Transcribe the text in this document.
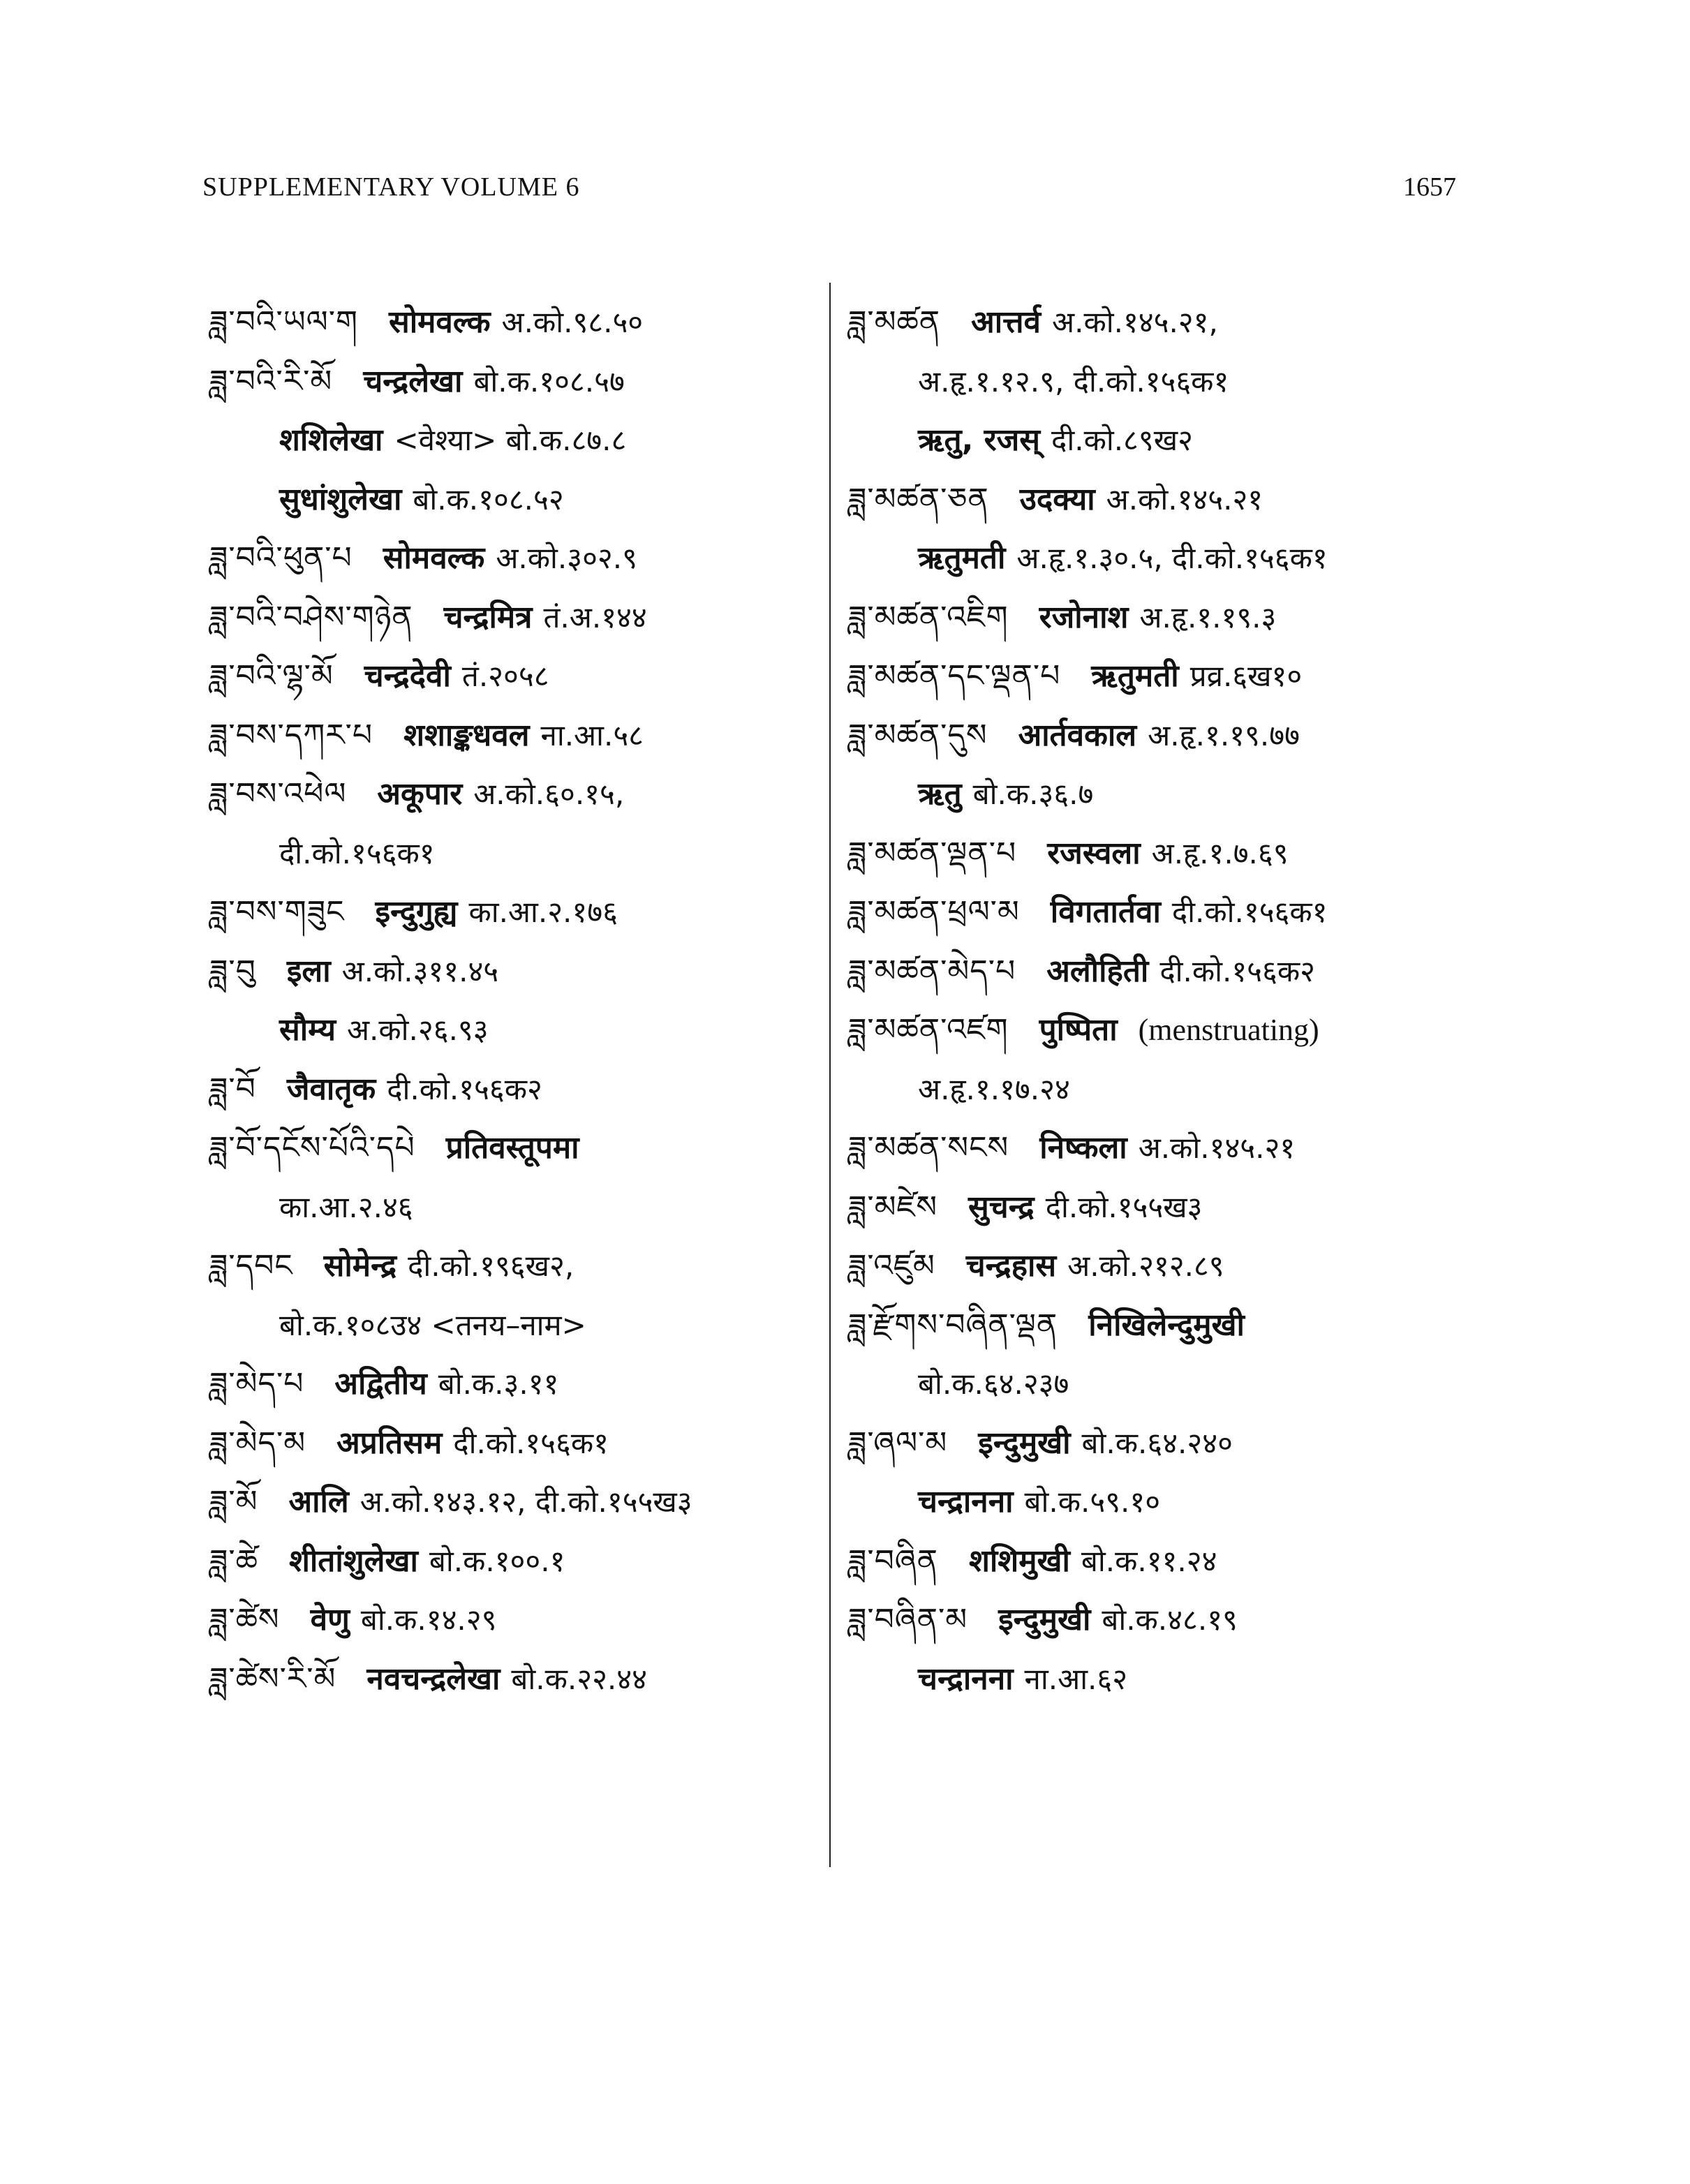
SUPPLEMENTARY VOLUME 6	1657
ཟླ་བའི་ཡལ་ག सोमवल्क अ.को.९८.५०
ཟླ་བའི་རི་མོ चन्द्रलेखा बो.क.१०८.५७
शशिलेखा <वेश्या> बो.क.८७.८
सुधांशुलेखा बो.क.१०८.५२
ཟླ་བའི་ཕུན་པ सोमवल्क अ.को.३०२.९
ཟླ་བའི་བཤེས་གཉེན चन्द्रमित्र तं.अ.१४४
ཟླ་བའི་ལྷ་མོ चन्द्रदेवी तं.२०५८
ཟླ་བས་དཀར་པ शशाङ्कधवल ना.आ.५८
ཟླ་བས་འཕེལ अकूपार अ.को.६०.१५,
दी.को.१५६क१
ཟླ་བས་གཟུང इन्दुगुह्य का.आ.२.१७६
ཟླ་བུ इला अ.को.३११.४५
सौम्य अ.को.२६.९३
ཟླ་བོ जैवातृक दी.को.१५६क२
ཟླ་བོ་དངོས་པོའི་དཔེ प्रतिवस्तूपमा
का.आ.२.४६
ཟླ་དབང सोमेन्द्र दी.को.१९६ख२,
बो.क.१०८उ४ <तनय–नाम>
ཟླ་མེད་པ अद्वितीय बो.क.३.११
ཟླ་མེད་མ अप्रतिसम दी.को.१५६क१
ཟླ་མོ आलि अ.को.१४३.१२, दी.को.१५५ख३
ཟླ་ཚེ शीतांशुलेखा बो.क.१००.१
ཟླ་ཚེས वेणु बो.क.१४.२९
ཟླ་ཚེས་རི་མོ नवचन्द्रलेखा बो.क.२२.४४
ཟླ་མཚན आत्तर्व अ.को.१४५.२१,
अ.हृ.१.१२.९, दी.को.१५६क१
ऋतु, रजस् दी.को.८९ख२
ཟླ་མཚན་ཅན उदक्या अ.को.१४५.२१
ऋतुमती अ.हृ.१.३०.५, दी.को.१५६क१
ཟླ་མཚན་འཇིག रजोनाश अ.हृ.१.१९.३
ཟླ་མཚན་དང་ལྡན་པ ऋतुमती प्रव्र.६ख१०
ཟླ་མཚན་དུས आर्तवकाल अ.हृ.१.१९.७७
ऋतु बो.क.३६.७
ཟླ་མཚན་ལྡན་པ रजस्वला अ.हृ.१.७.६९
ཟླ་མཚན་ཕྲལ་མ विगतार्तवा दी.को.१५६क१
ཟླ་མཚན་མེད་པ अलौहिती दी.को.१५६क२
ཟླ་མཚན་འཛག पुष्पिता (menstruating)
अ.हृ.१.१७.२४
ཟླ་མཚན་སངས निष्कला अ.को.१४५.२१
ཟླ་མཛེས सुचन्द्र दी.को.१५५ख३
ཟླ་འཛུམ चन्द्रहास अ.को.२१२.८९
ཟླ་རྫོགས་བཞིན་ལྡན निखिलेन्दुमुखी
बो.क.६४.२३७
ཟླ་ཞལ་མ इन्दुमुखी बो.क.६४.२४०
चन्द्रानना बो.क.५९.१०
ཟླ་བཞིན शशिमुखी बो.क.११.२४
ཟླ་བཞིན་མ इन्दुमुखी बो.क.४८.१९
चन्द्रानना ना.आ.६२
